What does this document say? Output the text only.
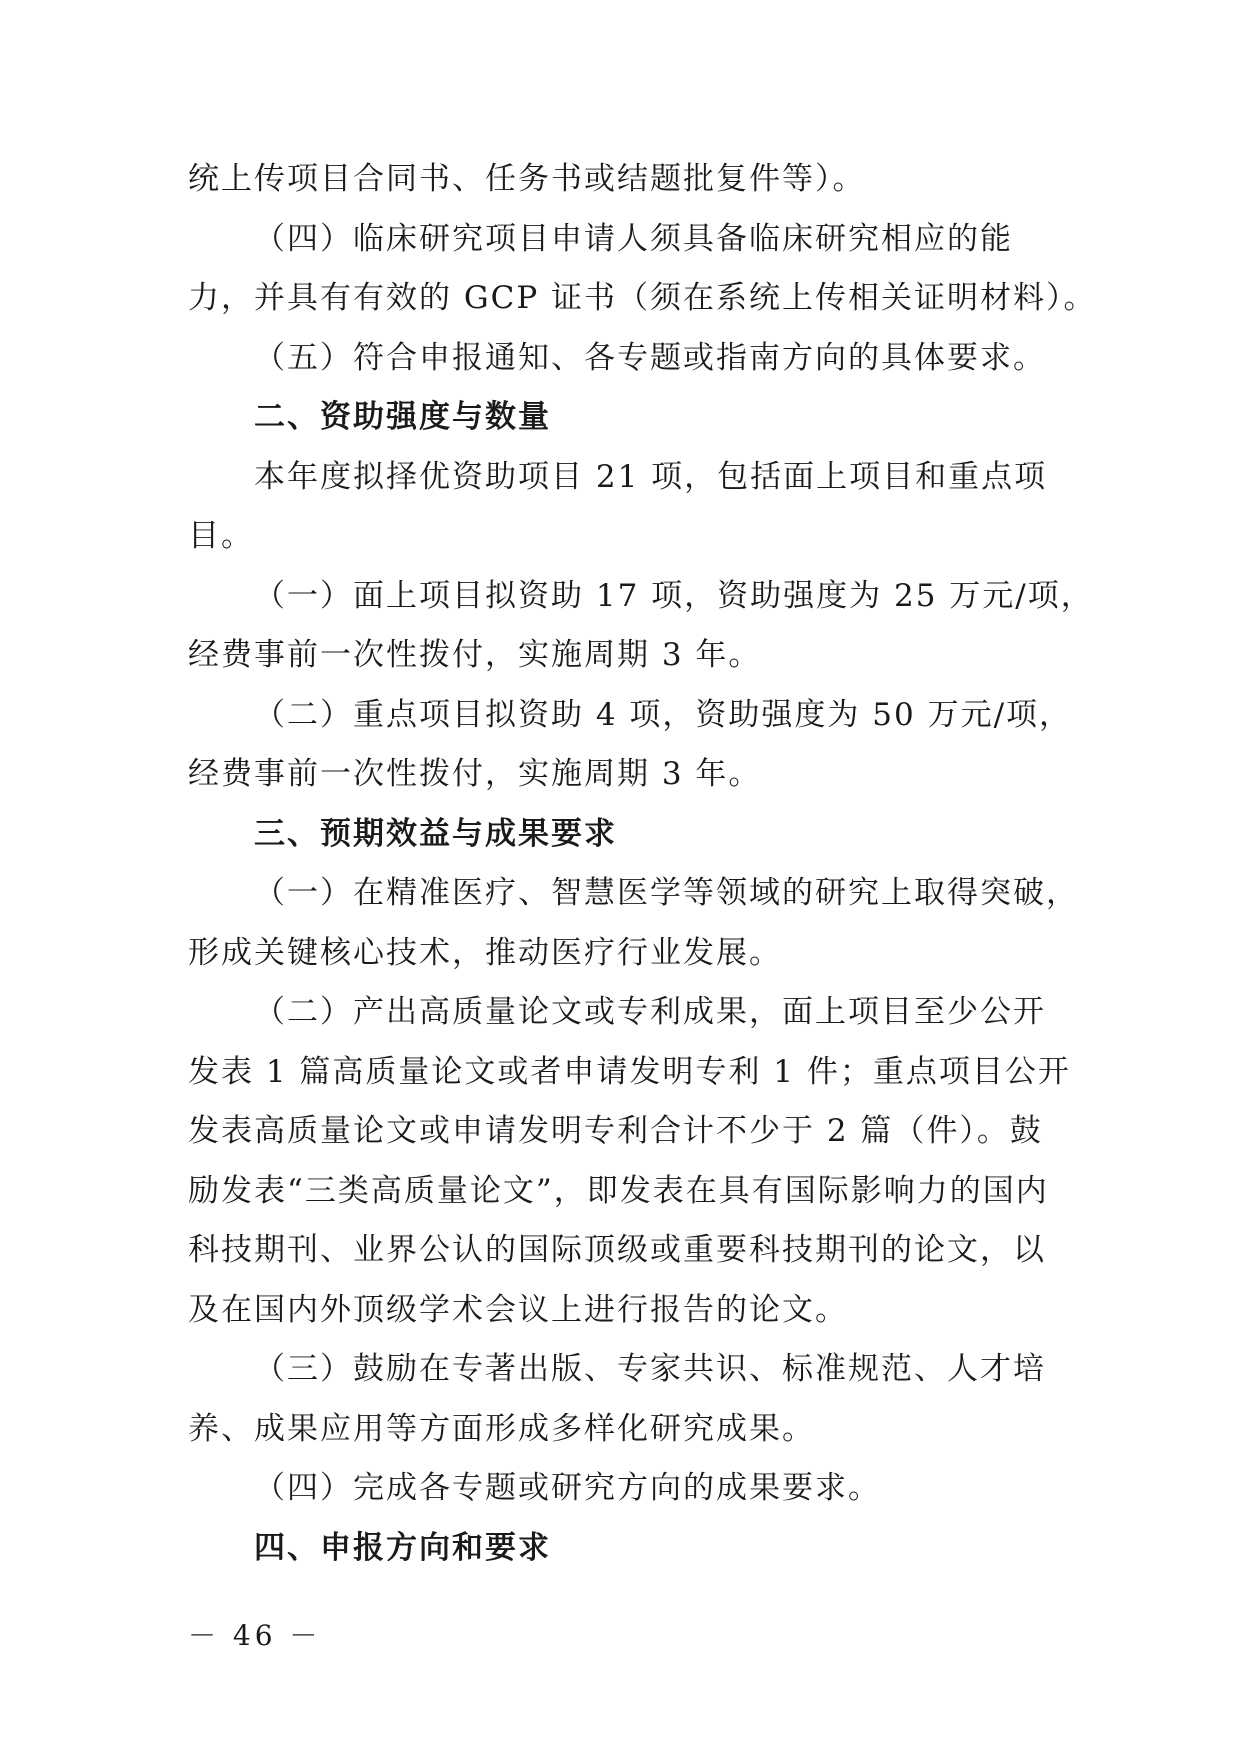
统上传项目合同书、任务书或结题批复件等）。
（四）临床研究项目申请人须具备临床研究相应的能
力，并具有有效的 GCP 证书（须在系统上传相关证明材料）。
（五）符合申报通知、各专题或指南方向的具体要求。
二、资助强度与数量
本年度拟择优资助项目 21 项，包括面上项目和重点项
目。
（一）面上项目拟资助 17 项，资助强度为 25 万元/项，
经费事前一次性拨付，实施周期 3 年。
（二）重点项目拟资助 4 项，资助强度为 50 万元/项，
经费事前一次性拨付，实施周期 3 年。
三、预期效益与成果要求
（一）在精准医疗、智慧医学等领域的研究上取得突破，
形成关键核心技术，推动医疗行业发展。
（二）产出高质量论文或专利成果，面上项目至少公开
发表 1 篇高质量论文或者申请发明专利 1 件；重点项目公开
发表高质量论文或申请发明专利合计不少于 2 篇（件）。鼓
励发表“三类高质量论文”，即发表在具有国际影响力的国内
科技期刊、业界公认的国际顶级或重要科技期刊的论文，以
及在国内外顶级学术会议上进行报告的论文。
（三）鼓励在专著出版、专家共识、标准规范、人才培
养、成果应用等方面形成多样化研究成果。
（四）完成各专题或研究方向的成果要求。
四、申报方向和要求
－ 46 －
